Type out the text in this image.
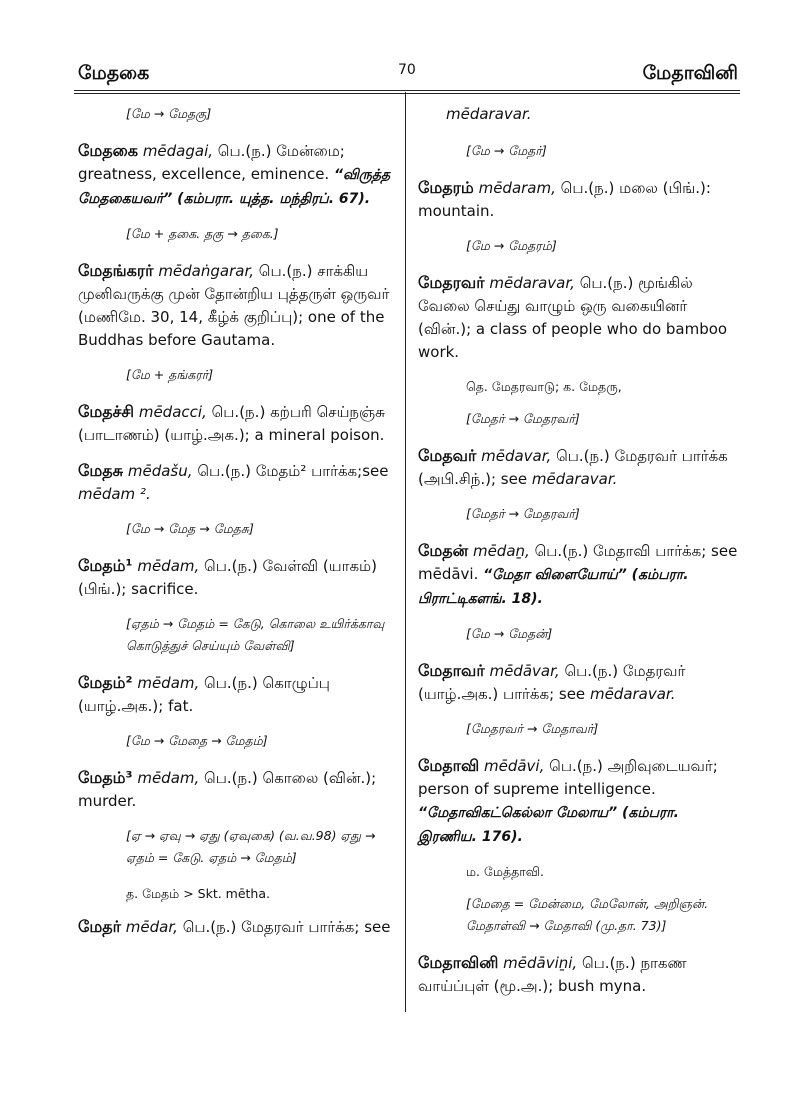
மேதகை	70	மேதாவினி
[மே → மேதகு]
மேதகை mēdagai, பெ.(ந.) மேன்மை; greatness, excellence, eminence. “விருத்த மேதகையவர்” (கம்பரா. யுத்த. மந்திரப். 67).
[மே + தகை. தகு → தகை.]
மேதங்கரர் mēdaṅgarar, பெ.(ந.) சாக்கிய முனிவருக்கு முன் தோன்றிய புத்தருள் ஒருவர் (மணிமே. 30, 14, கீழ்க் குறிப்பு); one of the Buddhas before Gautama.
[மே + தங்கரர்]
மேதச்சி mēdacci, பெ.(ந.) கற்பரி செய்நஞ்சு (பாடாணம்) (யாழ்.அக.); a mineral poison.
மேதசு mēdašu, பெ.(ந.) மேதம்² பார்க்க;see mēdam ².
[மே → மேத → மேதசு]
மேதம்¹ mēdam, பெ.(ந.) வேள்வி (யாகம்) (பிங்.); sacrifice.
[ஏதம் → மேதம் = கேடு, கொலை உயிர்க்காவு கொடுத்துச் செய்யும் வேள்வி]
மேதம்² mēdam, பெ.(ந.) கொழுப்பு (யாழ்.அக.); fat.
[மே → மேதை → மேதம்]
மேதம்³ mēdam, பெ.(ந.) கொலை (வின்.); murder.
[ஏ → ஏவு → ஏது (ஏவுகை) (வ.வ.98) ஏது → ஏதம் = கேடு. ஏதம் → மேதம்]
த. மேதம் > Skt. mētha.
மேதர் mēdar, பெ.(ந.) மேதரவர் பார்க்க; see
mēdaravar.
[மே → மேதர்]
மேதரம் mēdaram, பெ.(ந.) மலை (பிங்.): mountain.
[மே → மேதரம்]
மேதரவர் mēdaravar, பெ.(ந.) மூங்கில் வேலை செய்து வாழும் ஒரு வகையினர் (வின்.); a class of people who do bamboo work.
தெ. மேதரவாடு; க. மேதரு,
[மேதர் → மேதரவர்]
மேதவர் mēdavar, பெ.(ந.) மேதரவர் பார்க்க (அபி.சிந்.); see mēdaravar.
[மேதர் → மேதரவர்]
மேதன் mēdaṉ, பெ.(ந.) மேதாவி பார்க்க; see mēdāvi. “மேதா விளையோய்” (கம்பரா. பிராட்டிகளங். 18).
[மே → மேதன்]
மேதாவர் mēdāvar, பெ.(ந.) மேதரவர் (யாழ்.அக.) பார்க்க; see mēdaravar.
[மேதரவர் → மேதாவர்]
மேதாவி mēdāvi, பெ.(ந.) அறிவுடையவர்; person of supreme intelligence. “மேதாவிகட்கெல்லா மேலாய” (கம்பரா. இரணிய. 176).
ம. மேத்தாவி.
[மேதை = மேன்மை, மேலோன், அறிஞன். மேதாள்வி → மேதாவி (மு.தா. 73)]
மேதாவினி mēdāviṉi, பெ.(ந.) நாகண வாய்ப்புள் (மூ.அ.); bush myna.
